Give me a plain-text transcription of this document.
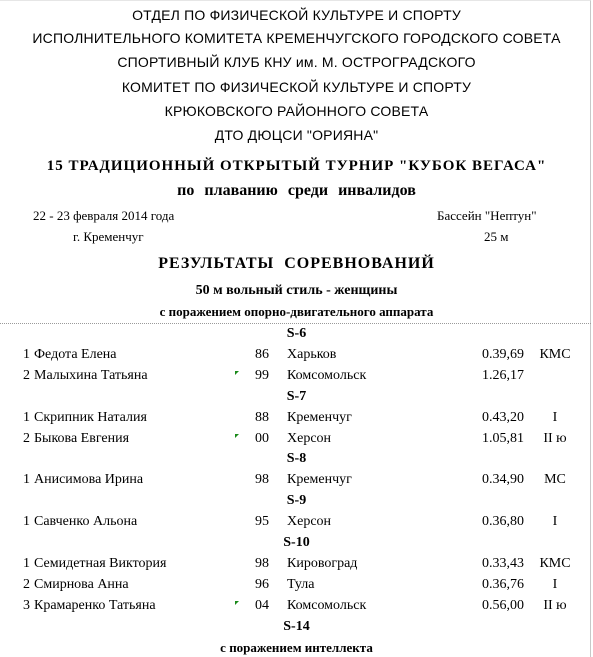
ОТДЕЛ ПО ФИЗИЧЕСКОЙ КУЛЬТУРЕ И СПОРТУ
ИСПОЛНИТЕЛЬНОГО КОМИТЕТА КРЕМЕНЧУГСКОГО ГОРОДСКОГО СОВЕТА
СПОРТИВНЫЙ КЛУБ КНУ им. М. ОСТРОГРАДСКОГО
КОМИТЕТ ПО ФИЗИЧЕСКОЙ КУЛЬТУРЕ И СПОРТУ
КРЮКОВСКОГО РАЙОННОГО СОВЕТА
ДТО ДЮЦСИ "ОРИЯНА"
15 ТРАДИЦИОННЫЙ ОТКРЫТЫЙ ТУРНИР "КУБОК ВЕГАСА"
по плаванию среди инвалидов
22 - 23 февраля 2014 года	Бассейн "Нептун"
г. Кременчуг	25 м
РЕЗУЛЬТАТЫ СОРЕВНОВАНИЙ
50 м вольный стиль - женщины
с поражением опорно-двигательного аппарата
S-6
1 Федота Елена	86 Харьков	0.39,69	КМС
2 Малыхина Татьяна	99 Комсомольск	1.26,17
S-7
1 Скрипник Наталия	88 Кременчуг	0.43,20	I
2 Быкова Евгения	00 Херсон	1.05,81	II ю
S-8
1 Анисимова Ирина	98 Кременчуг	0.34,90	МС
S-9
1 Савченко Альона	95 Херсон	0.36,80	I
S-10
1 Семидетная Виктория	98 Кировоград	0.33,43	КМС
2 Смирнова Анна	96 Тула	0.36,76	I
3 Крамаренко Татьяна	04 Комсомольск	0.56,00	II ю
S-14
с поражением интеллекта
